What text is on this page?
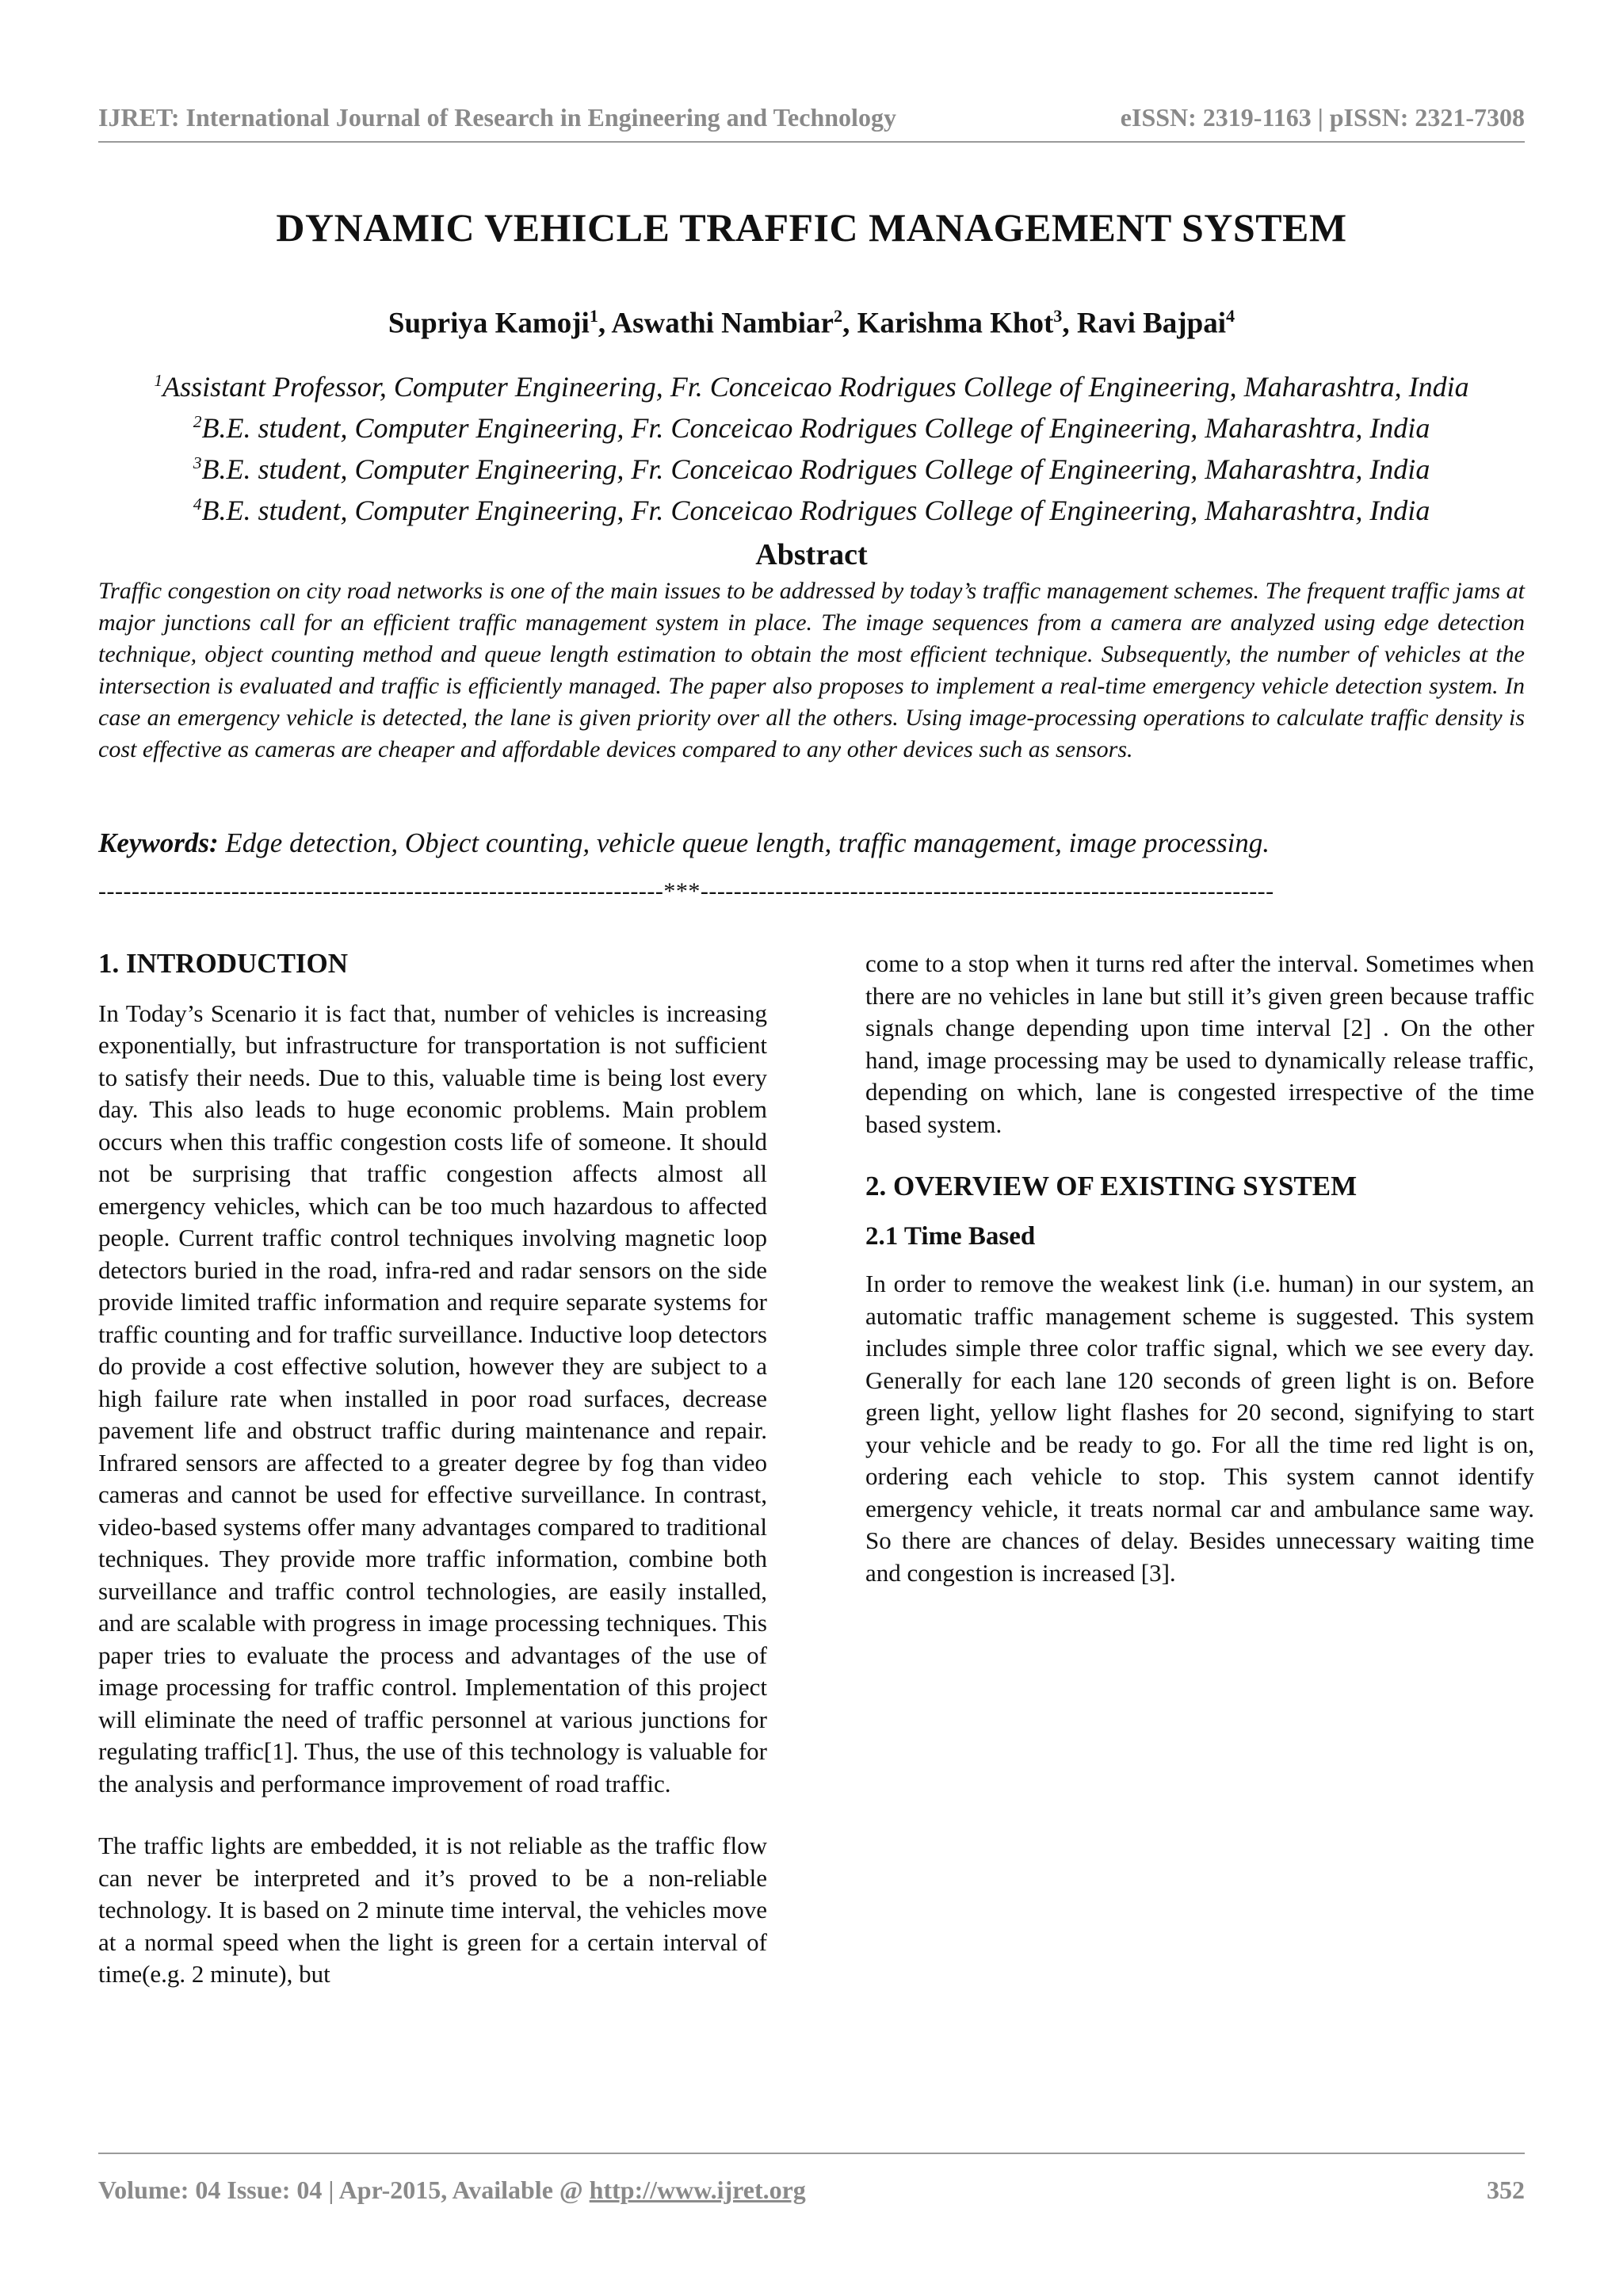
IJRET: International Journal of Research in Engineering and Technology	eISSN: 2319-1163 | pISSN: 2321-7308
DYNAMIC VEHICLE TRAFFIC MANAGEMENT SYSTEM
Supriya Kamoji$^1$, Aswathi Nambiar$^2$, Karishma Khot$^3$, Ravi Bajpai$^4$
$^1$Assistant Professor, Computer Engineering, Fr. Conceicao Rodrigues College of Engineering, Maharashtra, India
$^2$B.E. student, Computer Engineering, Fr. Conceicao Rodrigues College of Engineering, Maharashtra, India
$^3$B.E. student, Computer Engineering, Fr. Conceicao Rodrigues College of Engineering, Maharashtra, India
$^4$B.E. student, Computer Engineering, Fr. Conceicao Rodrigues College of Engineering, Maharashtra, India
Abstract
Traffic congestion on city road networks is one of the main issues to be addressed by today’s traffic management schemes. The frequent traffic jams at major junctions call for an efficient traffic management system in place. The image sequences from a camera are analyzed using edge detection technique, object counting method and queue length estimation to obtain the most efficient technique. Subsequently, the number of vehicles at the intersection is evaluated and traffic is efficiently managed. The paper also proposes to implement a real-time emergency vehicle detection system. In case an emergency vehicle is detected, the lane is given priority over all the others. Using image-processing operations to calculate traffic density is cost effective as cameras are cheaper and affordable devices compared to any other devices such as sensors.
Keywords: Edge detection, Object counting, vehicle queue length, traffic management, image processing.
--------------------------------------------------------------------***---------------------------------------------------------------------
1. INTRODUCTION

In Today’s Scenario it is fact that, number of vehicles is increasing exponentially, but infrastructure for transportation is not sufficient to satisfy their needs. Due to this, valuable time is being lost every day. This also leads to huge economic problems. Main problem occurs when this traffic congestion costs life of someone. It should not be surprising that traffic congestion affects almost all emergency vehicles, which can be too much hazardous to affected people. Current traffic control techniques involving magnetic loop detectors buried in the road, infra-red and radar sensors on the side provide limited traffic information and require separate systems for traffic counting and for traffic surveillance. Inductive loop detectors do provide a cost effective solution, however they are subject to a high failure rate when installed in poor road surfaces, decrease pavement life and obstruct traffic during maintenance and repair. Infrared sensors are affected to a greater degree by fog than video cameras and cannot be used for effective surveillance. In contrast, video-based systems offer many advantages compared to traditional techniques. They provide more traffic information, combine both surveillance and traffic control technologies, are easily installed, and are scalable with progress in image processing techniques. This paper tries to evaluate the process and advantages of the use of image processing for traffic control. Implementation of this project will eliminate the need of traffic personnel at various junctions for regulating traffic[1]. Thus, the use of this technology is valuable for the analysis and performance improvement of road traffic.

The traffic lights are embedded, it is not reliable as the traffic flow can never be interpreted and it’s proved to be a non-reliable technology. It is based on 2 minute time interval, the vehicles move at a normal speed when the light is green for a certain interval of time(e.g. 2 minute), but

come to a stop when it turns red after the interval. Sometimes when there are no vehicles in lane but still it’s given green because traffic signals change depending upon time interval [2] . On the other hand, image processing may be used to dynamically release traffic, depending on which, lane is congested irrespective of the time based system.

2. OVERVIEW OF EXISTING SYSTEM
2.1 Time Based

In order to remove the weakest link (i.e. human) in our system, an automatic traffic management scheme is suggested. This system includes simple three color traffic signal, which we see every day. Generally for each lane 120 seconds of green light is on. Before green light, yellow light flashes for 20 second, signifying to start your vehicle and be ready to go. For all the time red light is on, ordering each vehicle to stop. This system cannot identify emergency vehicle, it treats normal car and ambulance same way. So there are chances of delay. Besides unnecessary waiting time and congestion is increased [3].

Volume: 04 Issue: 04 | Apr-2015, Available @ http://www.ijret.org	352
